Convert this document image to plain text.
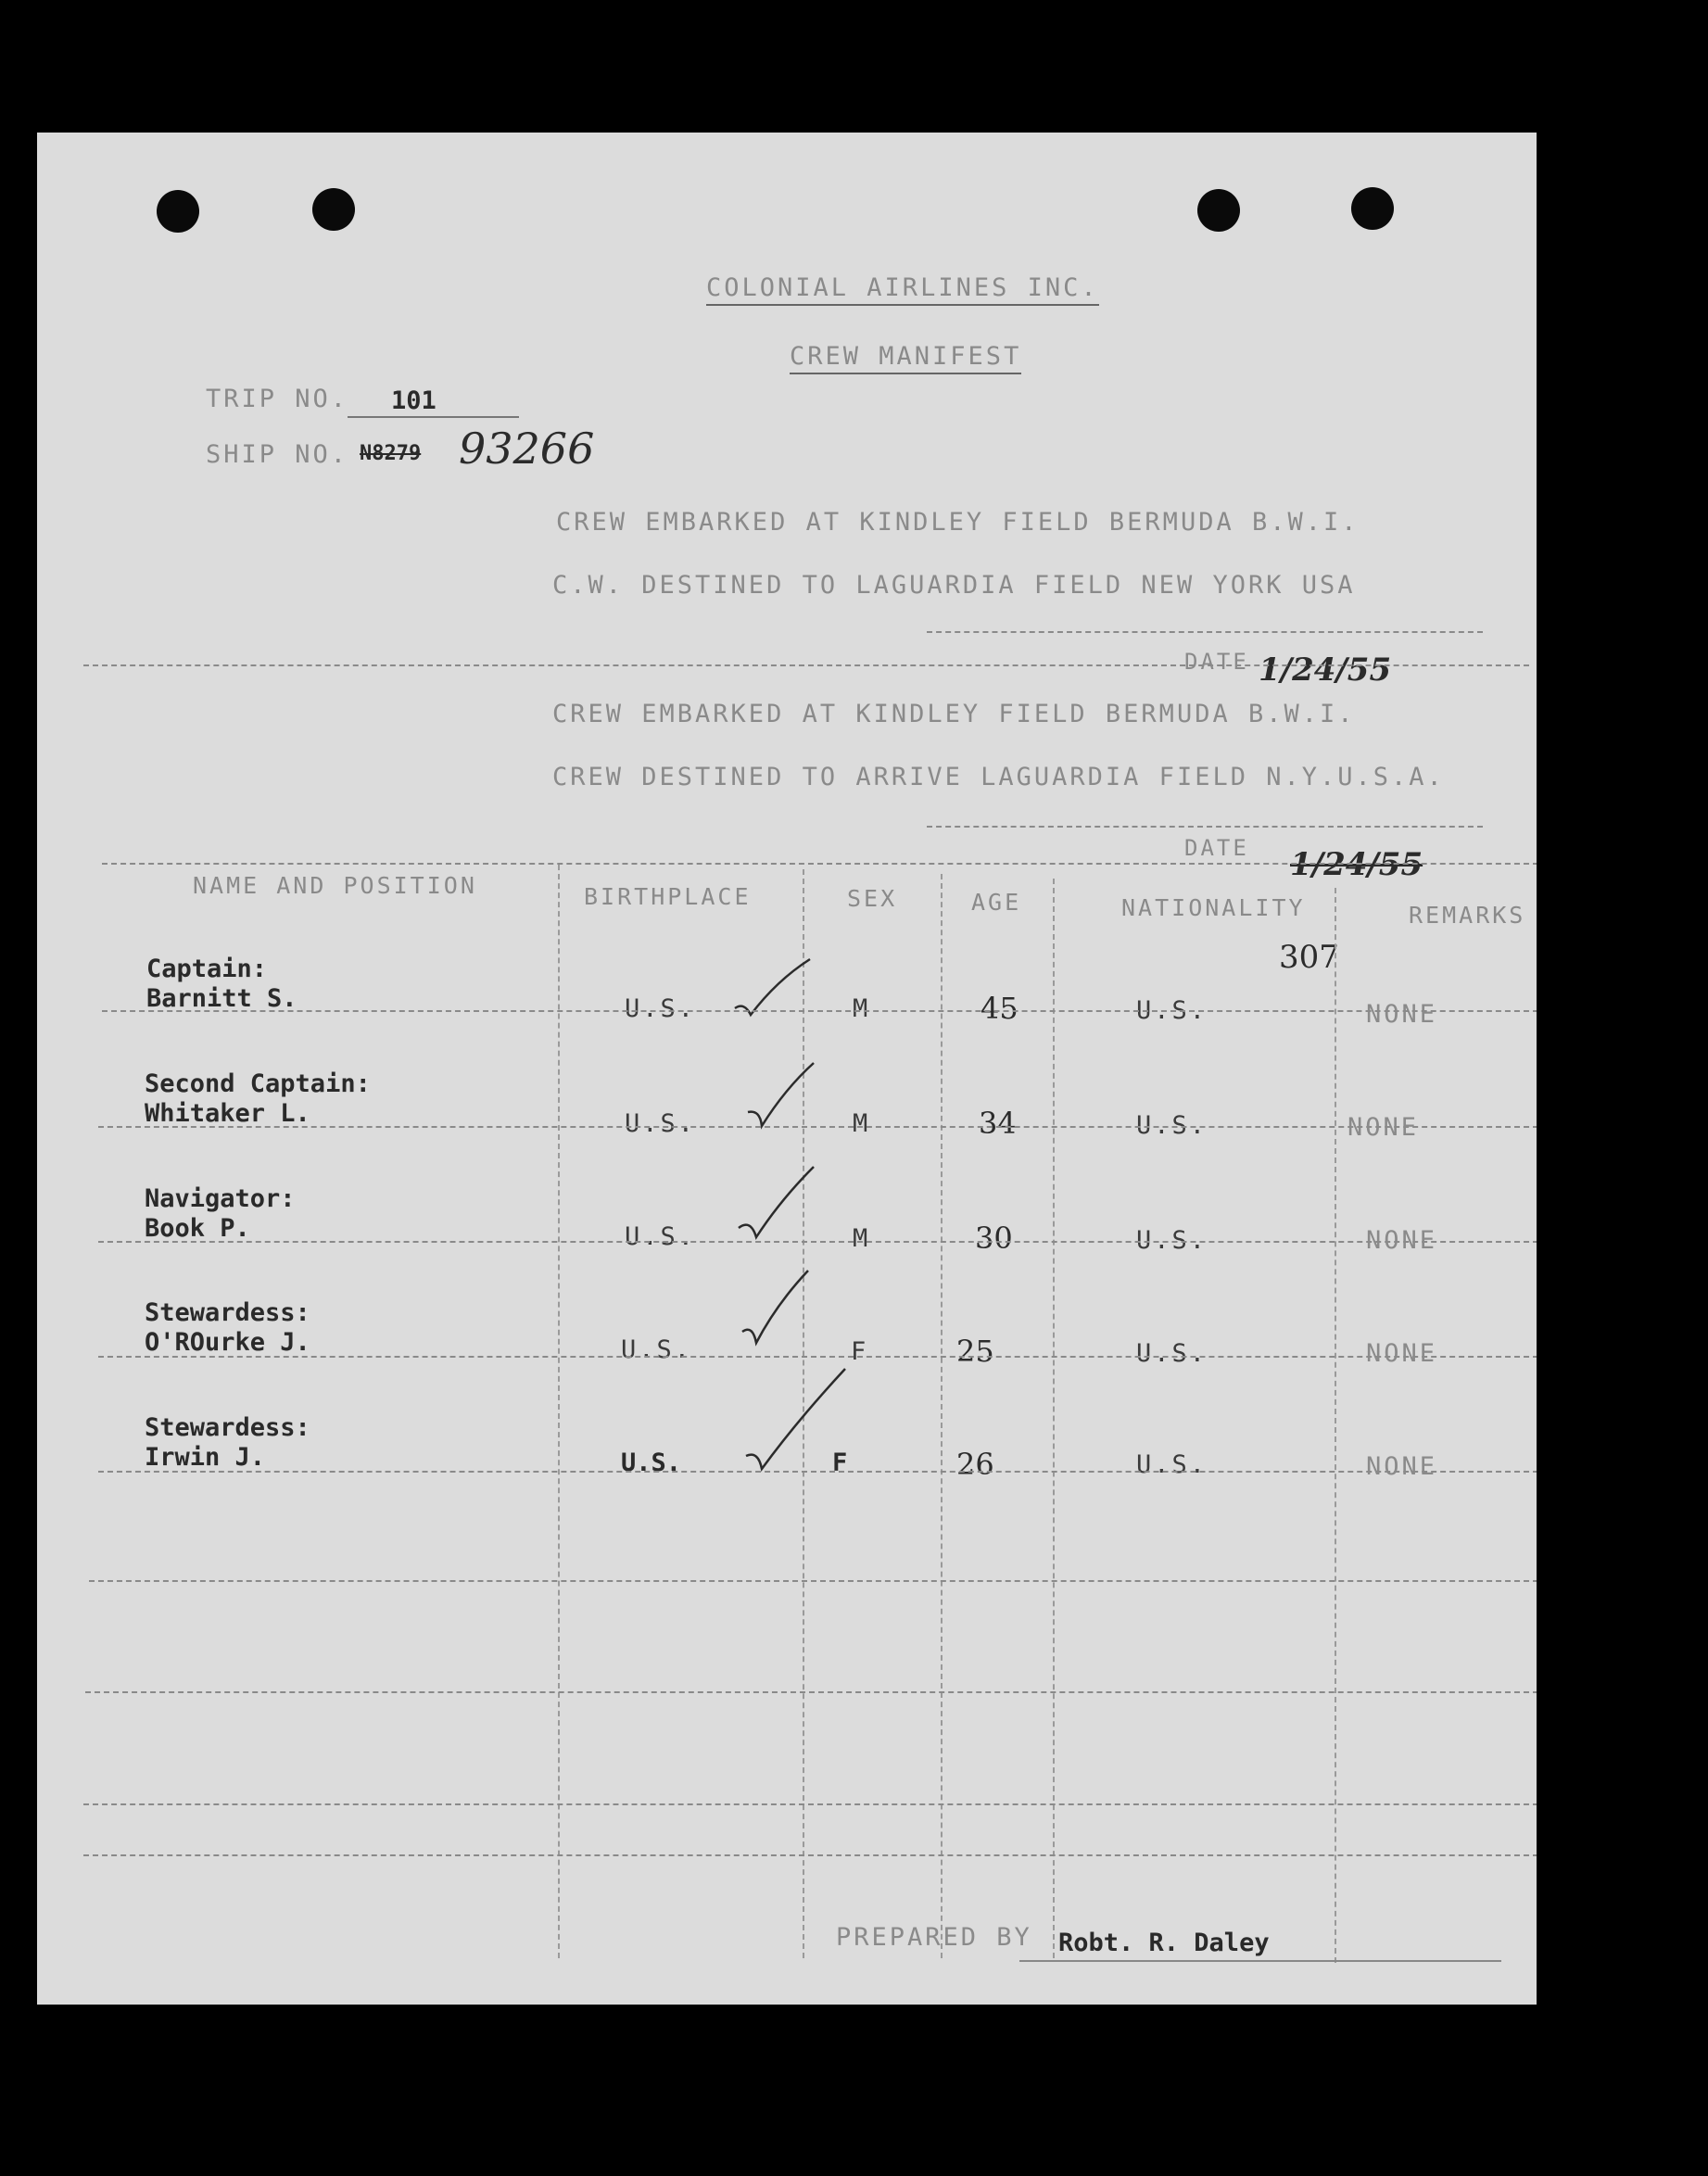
COLONIAL AIRLINES INC.
CREW MANIFEST
TRIP NO. 101
SHIP NO. N8279 93266
CREW EMBARKED AT KINDLEY FIELD BERMUDA B.W.I.
C.W. DESTINED TO LAGUARDIA FIELD NEW YORK USA
DATE 1/24/55
CREW EMBARKED AT KINDLEY FIELD BERMUDA B.W.I.
CREW DESTINED TO ARRIVE LAGUARDIA FIELD N.Y.U.S.A.
DATE 1/24/55
NAME AND POSITION	BIRTHPLACE	SEX	AGE	NATIONALITY	REMARKS
307
Captain:
Barnitt S.	U.S.	M	45	U.S.	NONE
Second Captain:
Whitaker L.	U.S.	M	34	U.S.	NONE
Navigator:
Book P.	U.S.	M	30	U.S.	NONE
Stewardess:
O'ROurke J.	U.S.	F	25	U.S.	NONE
Stewardess:
Irwin J.	U.S.	F	26	U.S.	NONE
PREPARED BY Robt. R. Daley
